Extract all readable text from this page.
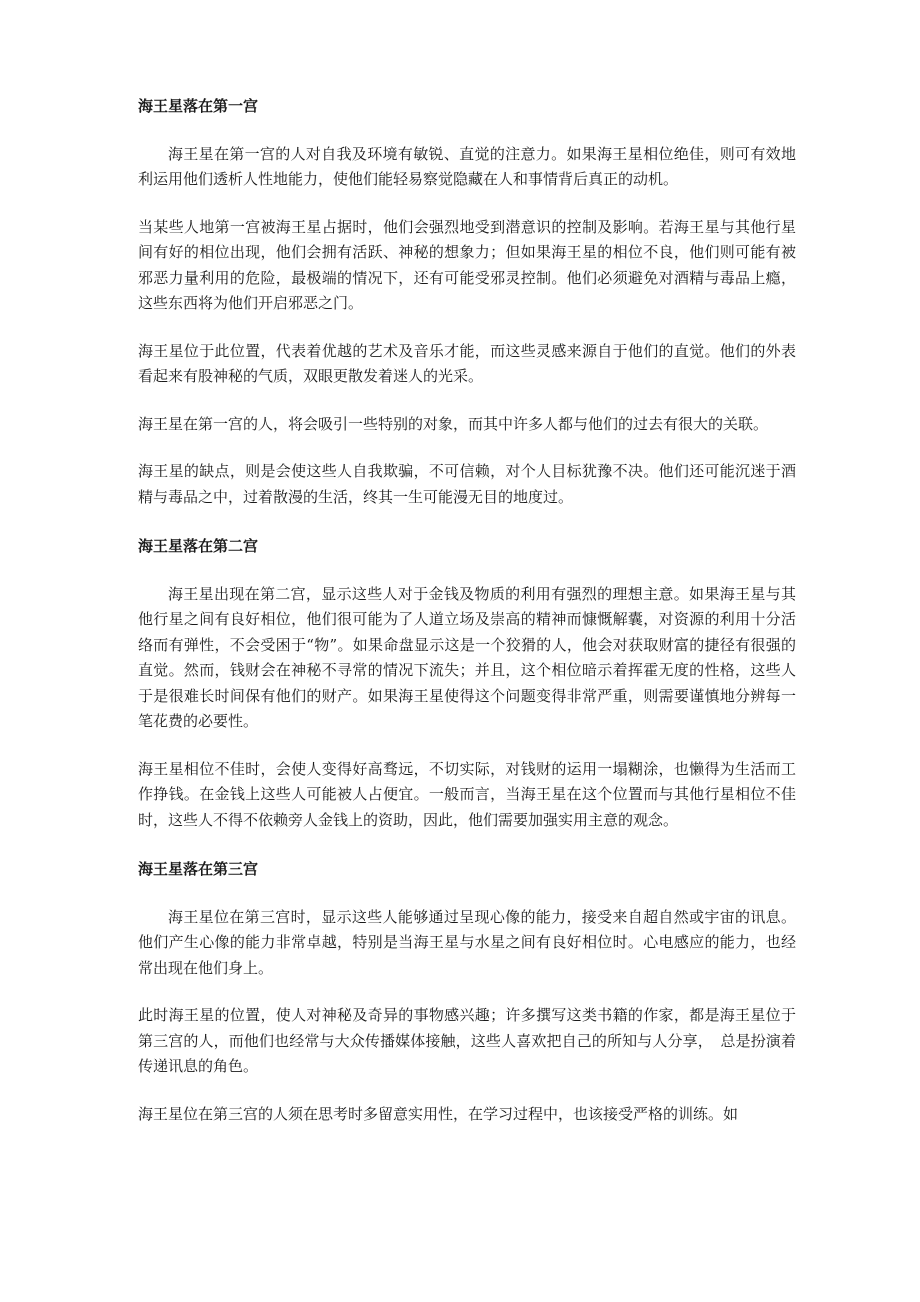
海王星落在第一宫

海王星在第一宫的人对自我及环境有敏锐、直觉的注意力。如果海王星相位绝佳，则可有效地利运用他们透析人性地能力，使他们能轻易察觉隐藏在人和事情背后真正的动机。

当某些人地第一宫被海王星占据时，他们会强烈地受到潜意识的控制及影响。若海王星与其他行星间有好的相位出现，他们会拥有活跃、神秘的想象力；但如果海王星的相位不良，他们则可能有被邪恶力量利用的危险，最极端的情况下，还有可能受邪灵控制。他们必须避免对酒精与毒品上瘾，这些东西将为他们开启邪恶之门。

海王星位于此位置，代表着优越的艺术及音乐才能，而这些灵感来源自于他们的直觉。他们的外表看起来有股神秘的气质，双眼更散发着迷人的光采。

海王星在第一宫的人，将会吸引一些特别的对象，而其中许多人都与他们的过去有很大的关联。

海王星的缺点，则是会使这些人自我欺骗，不可信赖，对个人目标犹豫不决。他们还可能沉迷于酒精与毒品之中，过着散漫的生活，终其一生可能漫无目的地度过。

海王星落在第二宫

海王星出现在第二宫，显示这些人对于金钱及物质的利用有强烈的理想主意。如果海王星与其他行星之间有良好相位，他们很可能为了人道立场及崇高的精神而慷慨解囊，对资源的利用十分活络而有弹性，不会受困于“物”。如果命盘显示这是一个狡猾的人，他会对获取财富的捷径有很强的直觉。然而，钱财会在神秘不寻常的情况下流失；并且，这个相位暗示着挥霍无度的性格，这些人于是很难长时间保有他们的财产。如果海王星使得这个问题变得非常严重，则需要谨慎地分辨每一笔花费的必要性。

海王星相位不佳时，会使人变得好高骛远，不切实际，对钱财的运用一塌糊涂，也懒得为生活而工作挣钱。在金钱上这些人可能被人占便宜。一般而言，当海王星在这个位置而与其他行星相位不佳时，这些人不得不依赖旁人金钱上的资助，因此，他们需要加强实用主意的观念。

海王星落在第三宫

海王星位在第三宫时，显示这些人能够通过呈现心像的能力，接受来自超自然或宇宙的讯息。他们产生心像的能力非常卓越，特别是当海王星与水星之间有良好相位时。心电感应的能力，也经常出现在他们身上。

此时海王星的位置，使人对神秘及奇异的事物感兴趣；许多撰写这类书籍的作家，都是海王星位于第三宫的人，而他们也经常与大众传播媒体接触，这些人喜欢把自己的所知与人分享，　总是扮演着传递讯息的角色。

海王星位在第三宫的人须在思考时多留意实用性，在学习过程中，也该接受严格的训练。如
